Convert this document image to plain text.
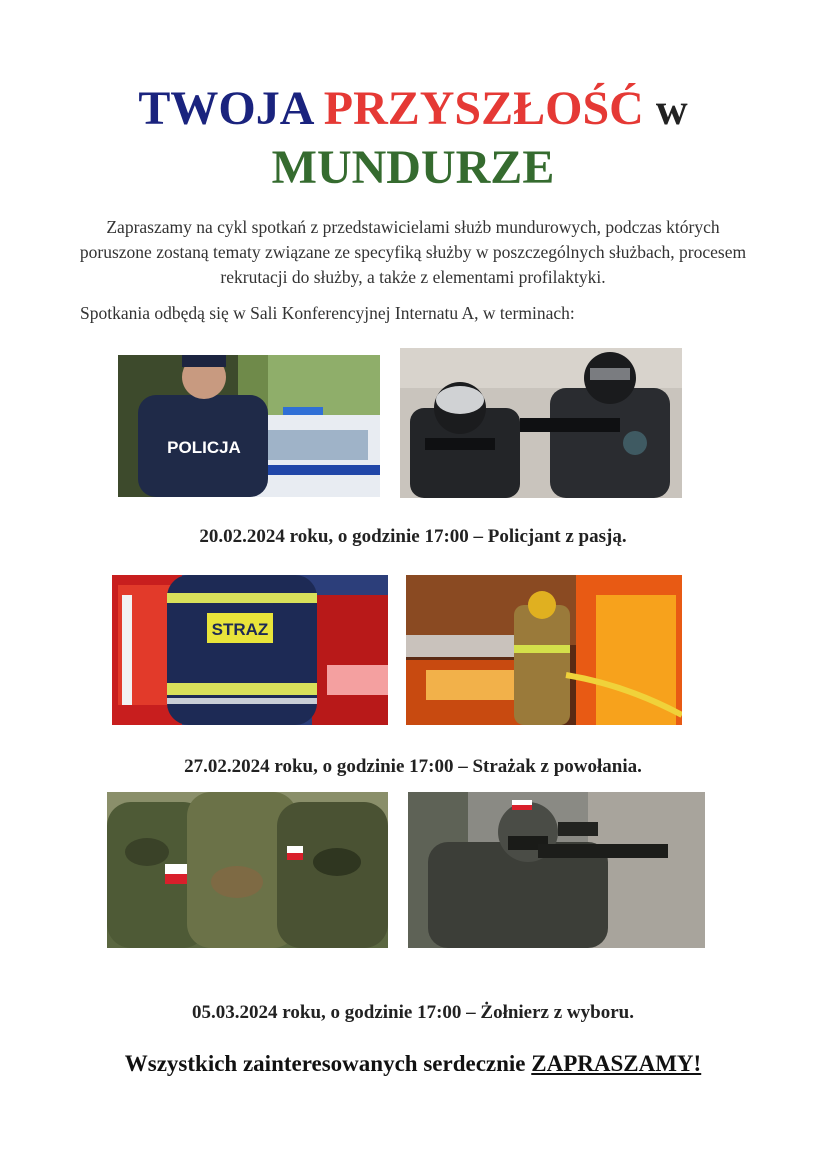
TWOJA PRZYSZŁOŚĆ w
MUNDURZE
Zapraszamy na cykl spotkań z przedstawicielami służb mundurowych, podczas których poruszone zostaną tematy związane ze specyfiką służby w poszczególnych służbach, procesem rekrutacji do służby, a także z elementami profilaktyki.
Spotkania odbędą się w Sali Konferencyjnej Internatu A, w terminach:
POLICJA
20.02.2024 roku, o godzinie 17:00 – Policjant z pasją.
STRAZ
27.02.2024 roku, o godzinie 17:00 – Strażak z powołania.
05.03.2024 roku, o godzinie 17:00 – Żołnierz z wyboru.
Wszystkich zainteresowanych serdecznie ZAPRASZAMY!
